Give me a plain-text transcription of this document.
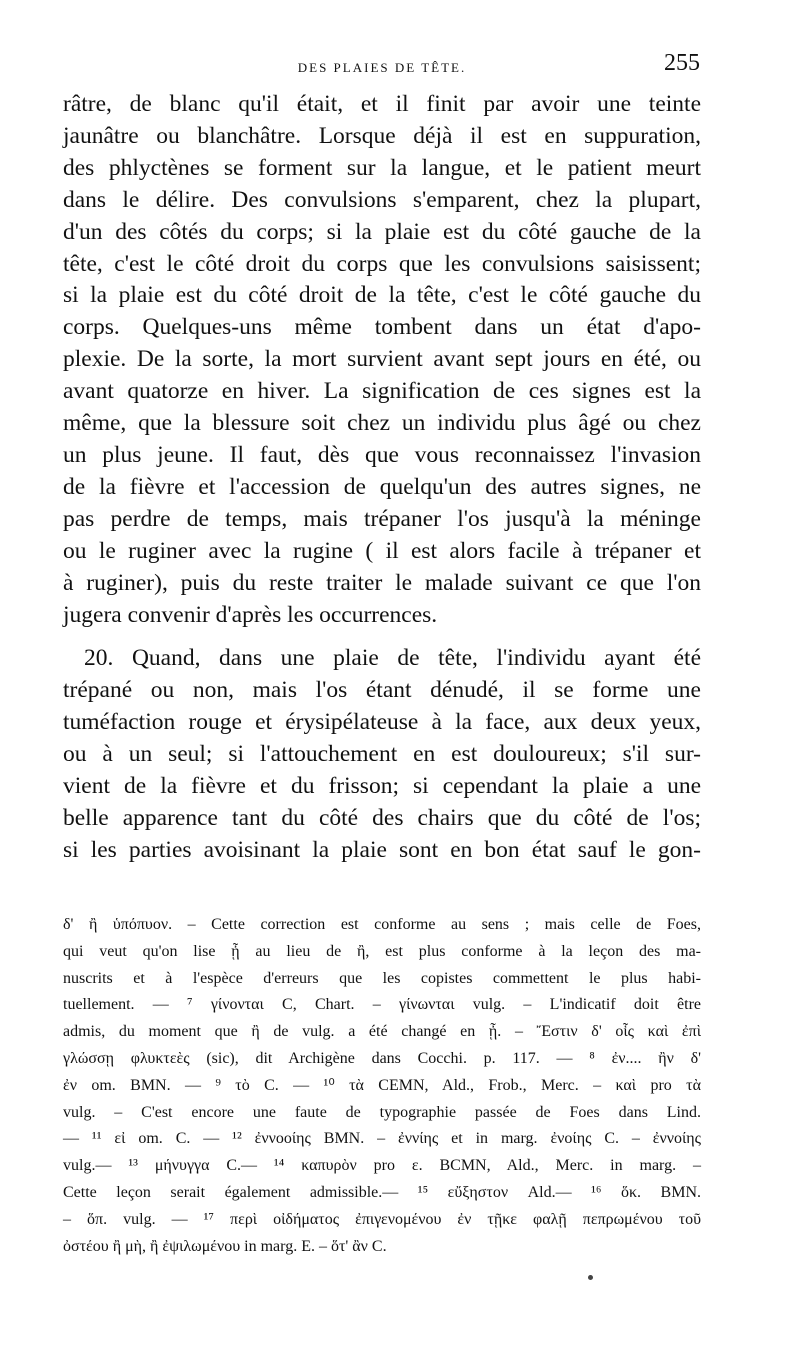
DES PLAIES DE TÊTE.	255
râtre, de blanc qu'il était, et il finit par avoir une teinte
jaunâtre ou blanchâtre. Lorsque déjà il est en suppuration,
des phlyctènes se forment sur la langue, et le patient meurt
dans le délire. Des convulsions s'emparent, chez la plupart,
d'un des côtés du corps; si la plaie est du côté gauche de la
tête, c'est le côté droit du corps que les convulsions saisissent;
si la plaie est du côté droit de la tête, c'est le côté gauche du
corps. Quelques-uns même tombent dans un état d'apo-
plexie. De la sorte, la mort survient avant sept jours en été, ou
avant quatorze en hiver. La signification de ces signes est la
même, que la blessure soit chez un individu plus âgé ou chez
un plus jeune. Il faut, dès que vous reconnaissez l'invasion
de la fièvre et l'accession de quelqu'un des autres signes, ne
pas perdre de temps, mais trépaner l'os jusqu'à la méninge
ou le ruginer avec la rugine ( il est alors facile à trépaner et
à ruginer), puis du reste traiter le malade suivant ce que l'on
jugera convenir d'après les occurrences.
20. Quand, dans une plaie de tête, l'individu ayant été
trépané ou non, mais l'os étant dénudé, il se forme une
tuméfaction rouge et érysipélateuse à la face, aux deux yeux,
ou à un seul; si l'attouchement en est douloureux; s'il sur-
vient de la fièvre et du frisson; si cependant la plaie a une
belle apparence tant du côté des chairs que du côté de l'os;
si les parties avoisinant la plaie sont en bon état sauf le gon-
δ' ἢ ὑπόπυον. – Cette correction est conforme au sens ; mais celle de Foes,
qui veut qu'on lise ᾖ au lieu de ἢ, est plus conforme à la leçon des ma-
nuscrits et à l'espèce d'erreurs que les copistes commettent le plus habi-
tuellement. — ⁷ γίνονται C, Chart. – γίνωνται vulg. – L'indicatif doit être
admis, du moment que ἢ de vulg. a été changé en ᾖ. – Ἔστιν δ' οἷς καὶ ἐπὶ
γλώσσῃ φλυκτεὲς (sic), dit Archigène dans Cocchi. p. 117. — ⁸ ἐν.... ἢν δ'
ἐν om. BMN. — ⁹ τὸ C. — ¹⁰ τὰ CEMN, Ald., Frob., Merc. – καὶ pro τὰ
vulg. – C'est encore une faute de typographie passée de Foes dans Lind.
— ¹¹ εἰ om. C. — ¹² ἐννοοίης BMN. – ἐννίης et in marg. ἐνοίης C. – ἐννοίης
vulg.— ¹³ μήνυγγα C.— ¹⁴ καπυρὸν pro ε. BCMN, Ald., Merc. in marg. –
Cette leçon serait également admissible.— ¹⁵ εὔξηστον Ald.— ¹⁶ ὅκ. BMN.
– ὅπ. vulg. — ¹⁷ περὶ οἰδήματος ἐπιγενομένου ἐν τῇκε φαλῇ πεπρωμένου τοῦ
ὀστέου ἢ μὴ, ἢ ἐψιλωμένου in marg. E. – ὅτ' ἂν C.
